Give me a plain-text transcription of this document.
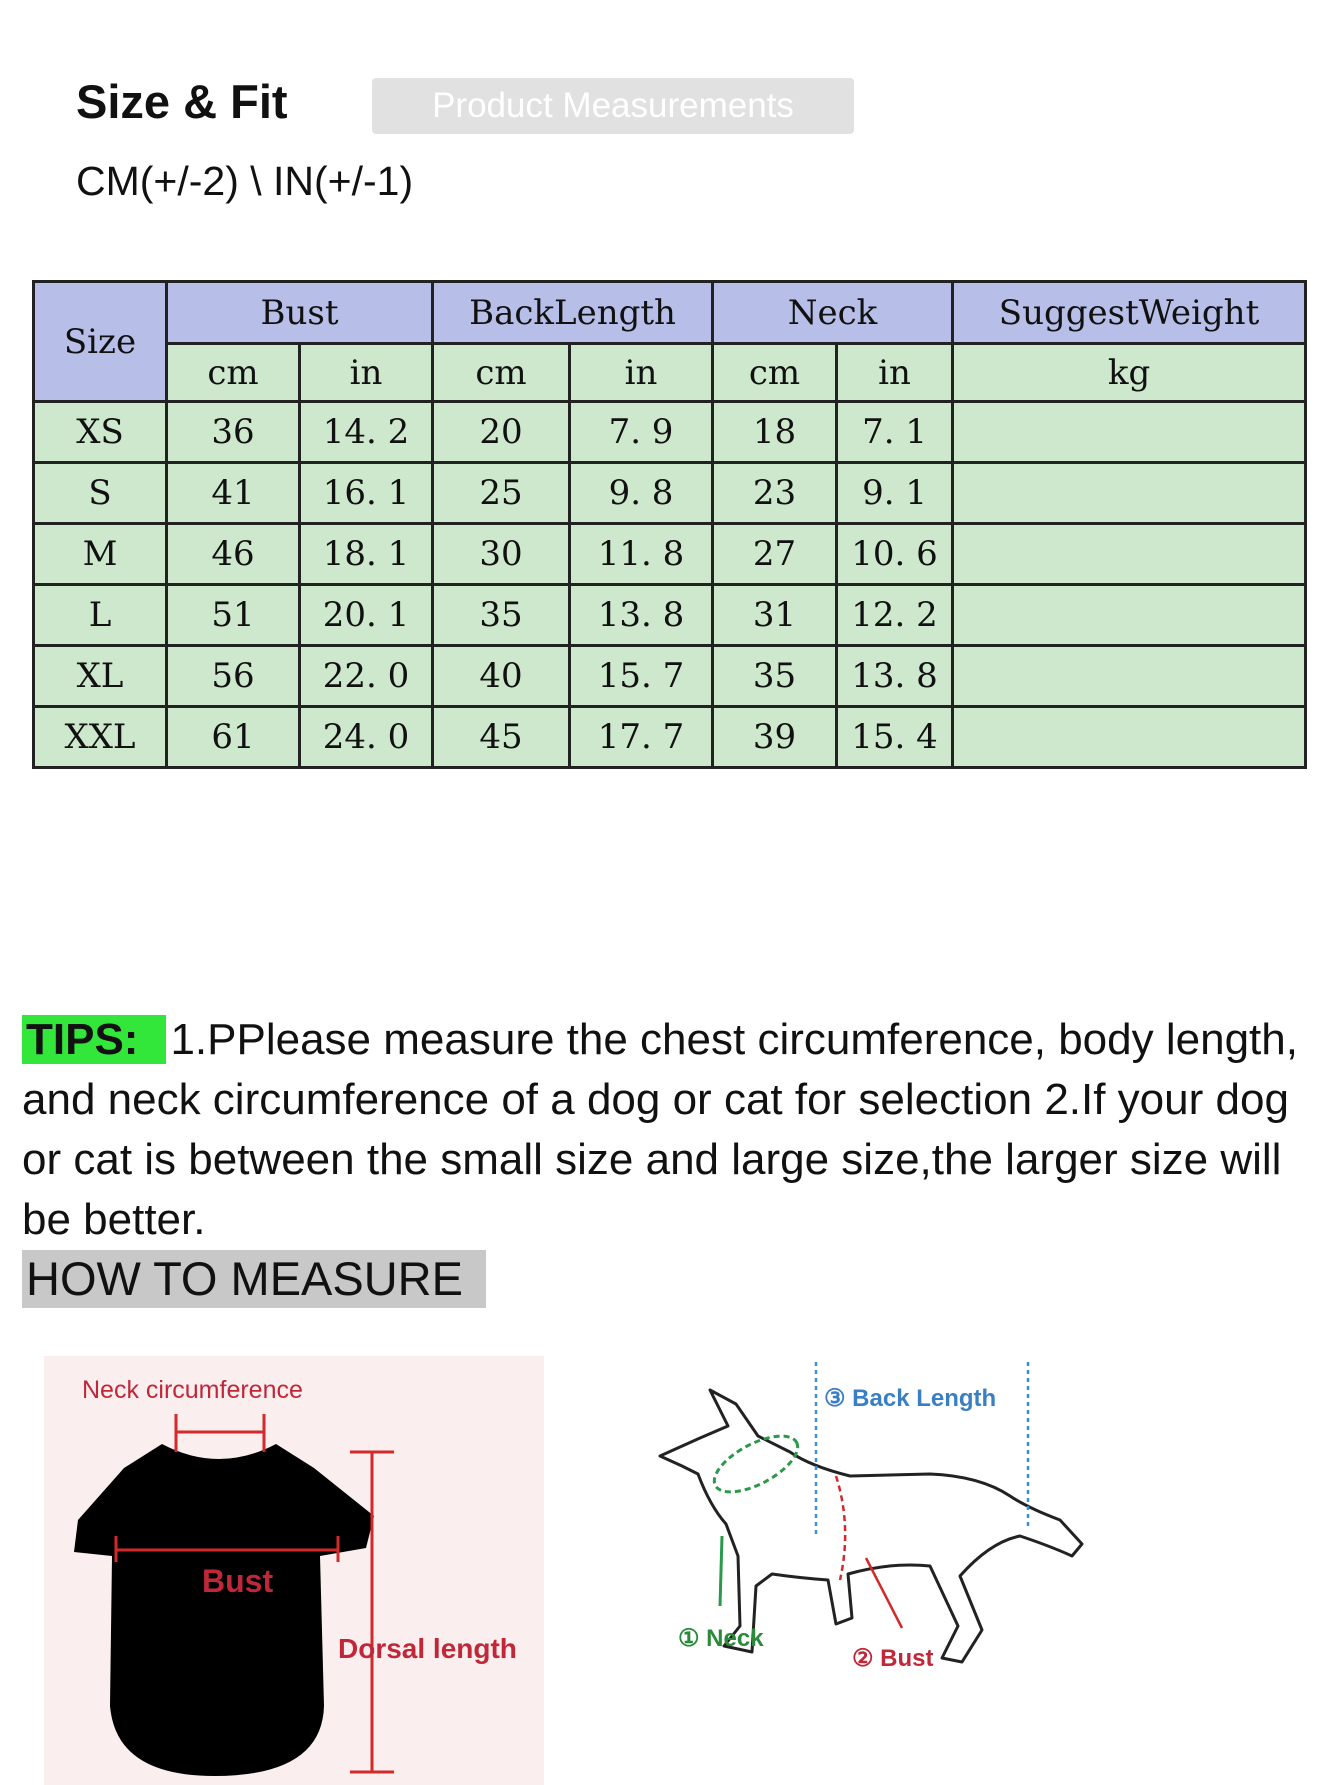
Size & Fit	Product Measurements
CM(+/-2) \ IN(+/-1)
Size	Bust		BackLength		Neck		SuggestWeight
	cm	in	cm	in	cm	in	kg
XS	36	14. 2	20	7. 9	18	7. 1	
S	41	16. 1	25	9. 8	23	9. 1	
M	46	18. 1	30	11. 8	27	10. 6	
L	51	20. 1	35	13. 8	31	12. 2	
XL	56	22. 0	40	15. 7	35	13. 8	
XXL	61	24. 0	45	17. 7	39	15. 4	
TIPS: 1.PPlease measure the chest circumference, body length, and neck circumference of a dog or cat for selection 2.If your dog or cat is between the small size and large size,the larger size will be better.
HOW TO MEASURE
Neck circumference
Bust
Dorsal length
③ Back Length
① Neck
② Bust
